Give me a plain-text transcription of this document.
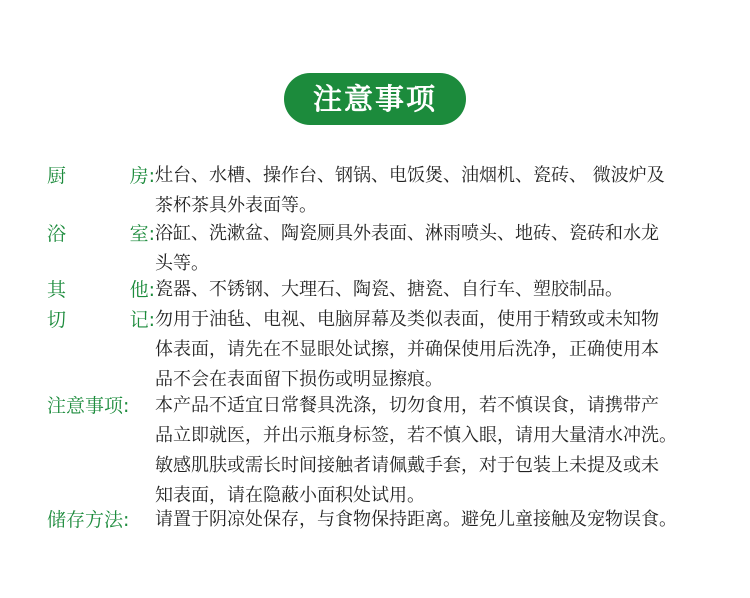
注意事项
厨	房: 灶台、水槽、操作台、钢锅、电饭煲、油烟机、瓷砖、 微波炉及
茶杯茶具外表面等。
浴	室: 浴缸、洗漱盆、陶瓷厕具外表面、淋雨喷头、地砖、瓷砖和水龙
头等。
其	他: 瓷器、不锈钢、大理石、陶瓷、搪瓷、自行车、塑胶制品。
切	记: 勿用于油毡、电视、电脑屏幕及类似表面，使用于精致或未知物
体表面，请先在不显眼处试擦，并确保使用后洗净，正确使用本
品不会在表面留下损伤或明显擦痕。
注意事项: 本产品不适宜日常餐具洗涤，切勿食用，若不慎误食，请携带产
品立即就医，并出示瓶身标签，若不慎入眼，请用大量清水冲洗。
敏感肌肤或需长时间接触者请佩戴手套，对于包装上未提及或未
知表面，请在隐蔽小面积处试用。
储存方法: 请置于阴凉处保存，与食物保持距离。避免儿童接触及宠物误食。
